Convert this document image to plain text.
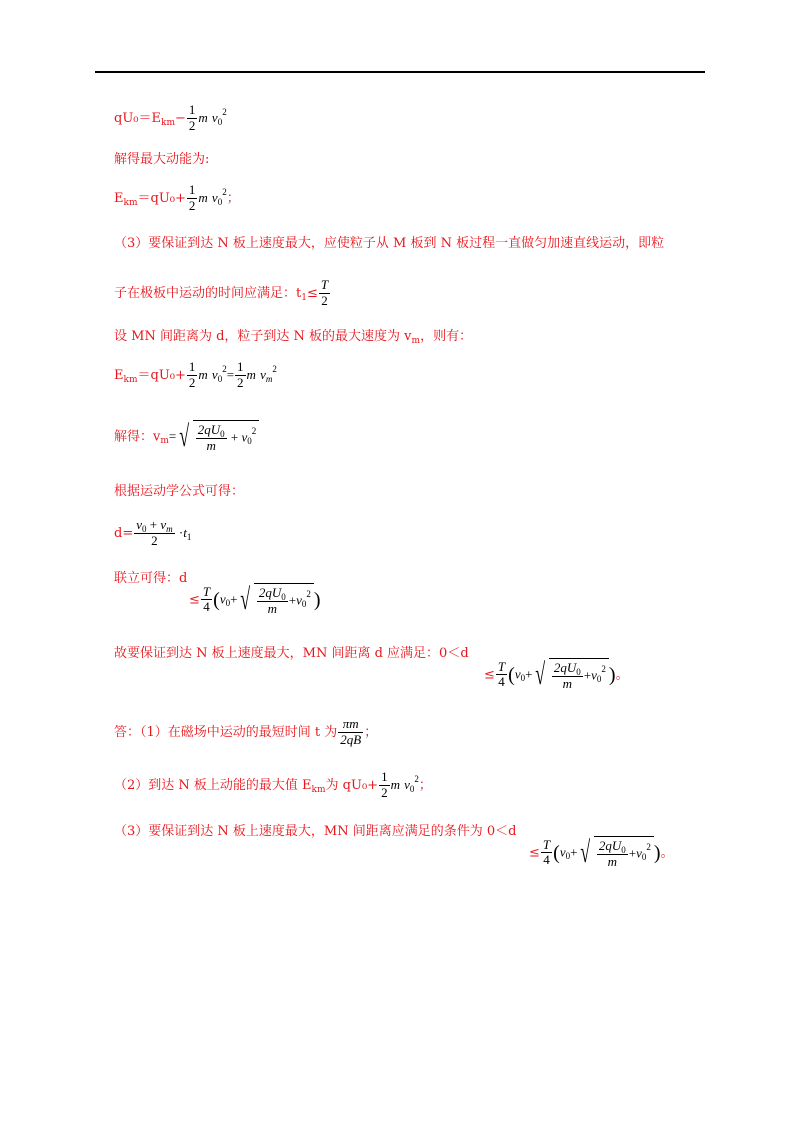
$qU_0=E_{km}- \frac{1}{2}$ m $v_0^2$
解得最大动能为:
$E_{km}=qU_0+ \frac{1}{2}$ m $v_0^2$；
（3）要保证到达 N 板上速度最大，应使粒子从 M 板到 N 板过程一直做匀加速直线运动，即粒
子在极板中运动的时间应满足：$t_1\le \frac{T}{2}$
设 MN 间距离为 d，粒子到达 N 板的最大速度为 $v_m$，则有：
$E_{km}=qU_0+ \frac{1}{2}$ m $v_0^2= \frac{1}{2}$ m $v_m^2$
解得：$v_m=$ √ $\frac{2qU_0}{m} + v_0^2$
根据运动学公式可得：
$d= \frac{v_0 + v_m}{2} \cdot t_1$
联立可得：d
≤ $\frac{T}{4} (v_0+$ √ $\frac{2qU_0}{m} +v_0^2$ )
故要保证到达 N 板上速度最大，MN 间距离 d 应满足：0＜d
≤ $\frac{T}{4} (v_0+$ √ $\frac{2qU_0}{m} +v_0^2$ )。
答：（1）在磁场中运动的最短时间 t 为 $\frac{\pi m}{2qB}$ ；
（2）到达 N 板上动能的最大值 $E_{km}$为 $qU_0+ \frac{1}{2}$ m $v_0^2$；
（3）要保证到达 N 板上速度最大，MN 间距离应满足的条件为 0＜d
≤ $\frac{T}{4} (v_0+$ √ $\frac{2qU_0}{m} +v_0^2$ )。
